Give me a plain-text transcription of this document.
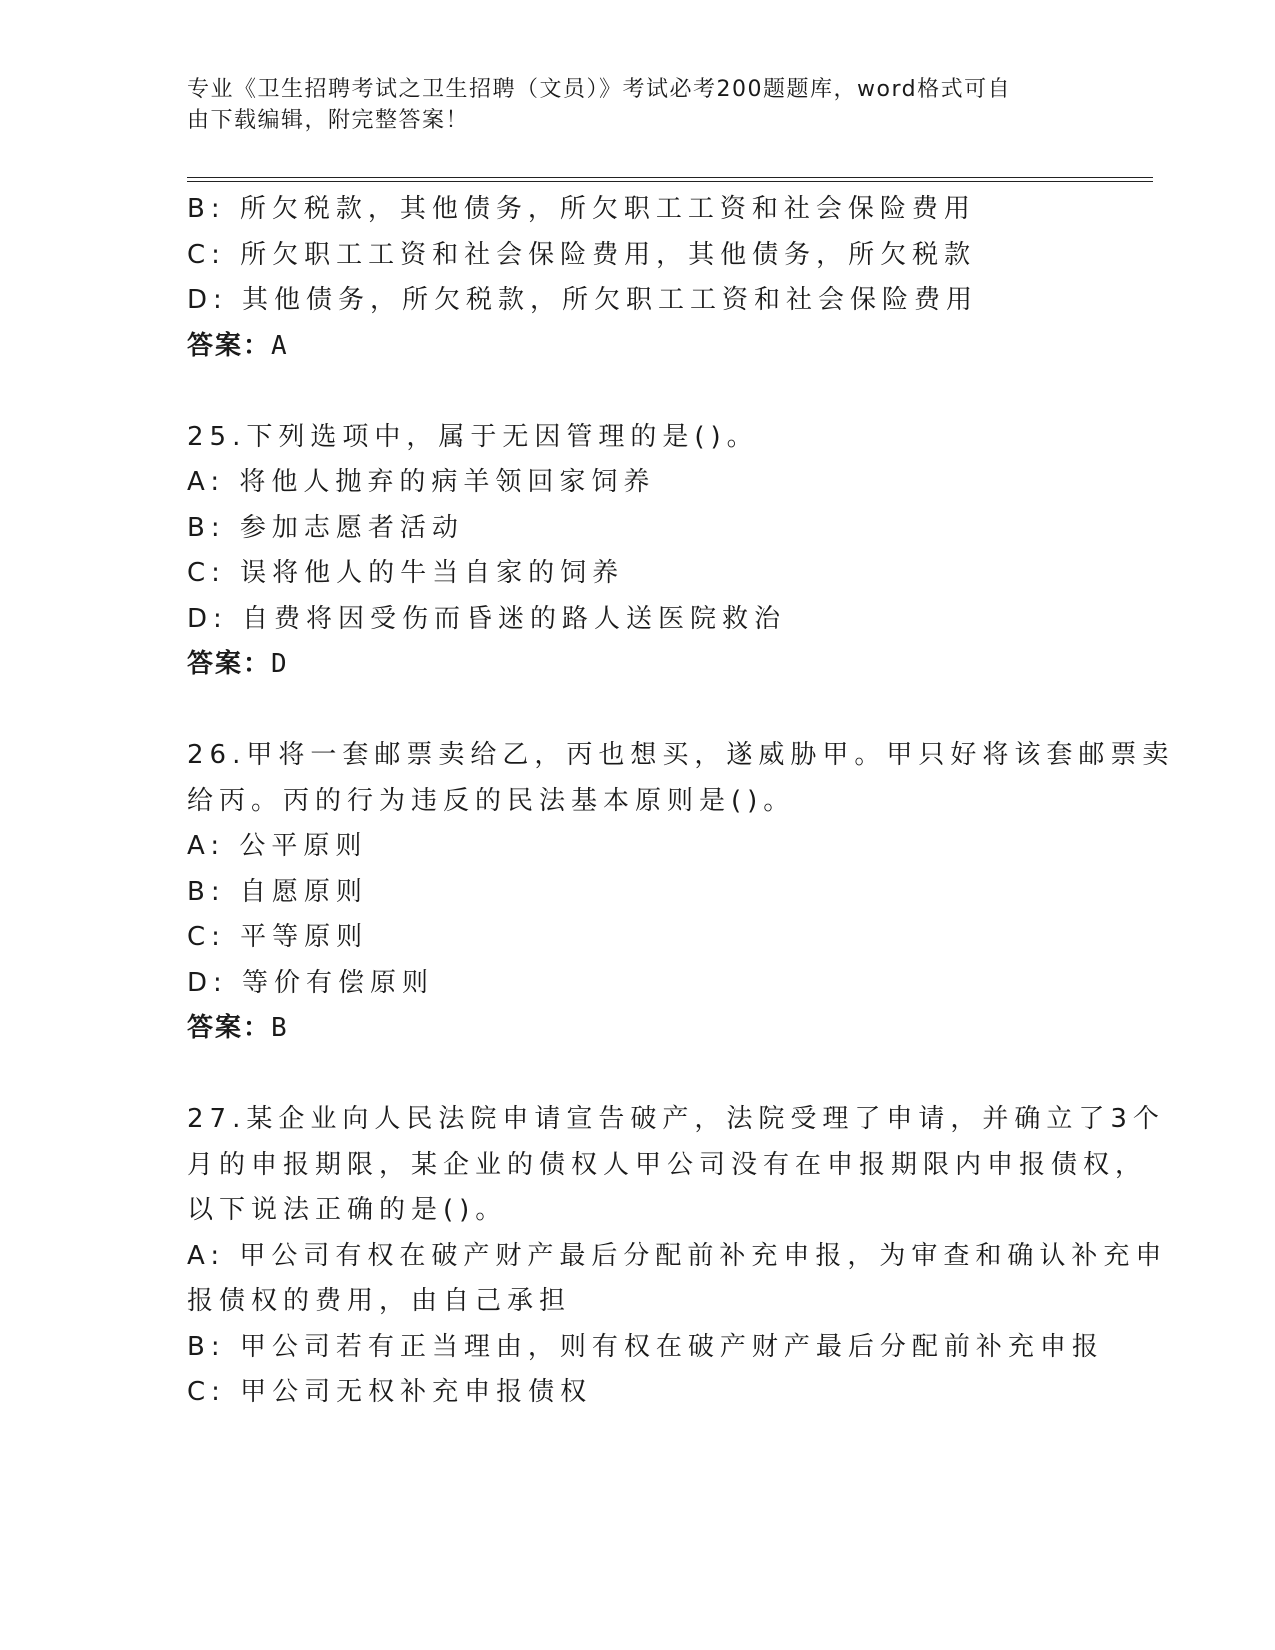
专业《卫生招聘考试之卫生招聘（文员）》考试必考200题题库，word格式可自
由下载编辑，附完整答案！
B: 所欠税款，其他债务，所欠职工工资和社会保险费用
C: 所欠职工工资和社会保险费用，其他债务，所欠税款
D: 其他债务，所欠税款，所欠职工工资和社会保险费用
答案：A
25.下列选项中，属于无因管理的是()。
A: 将他人抛弃的病羊领回家饲养
B: 参加志愿者活动
C: 误将他人的牛当自家的饲养
D: 自费将因受伤而昏迷的路人送医院救治
答案：D
26.甲将一套邮票卖给乙，丙也想买，遂威胁甲。甲只好将该套邮票卖
给丙。丙的行为违反的民法基本原则是()。
A: 公平原则
B: 自愿原则
C: 平等原则
D: 等价有偿原则
答案：B
27.某企业向人民法院申请宣告破产，法院受理了申请，并确立了3个
月的申报期限，某企业的债权人甲公司没有在申报期限内申报债权，
以下说法正确的是()。
A: 甲公司有权在破产财产最后分配前补充申报，为审查和确认补充申
报债权的费用，由自己承担
B: 甲公司若有正当理由，则有权在破产财产最后分配前补充申报
C: 甲公司无权补充申报债权
